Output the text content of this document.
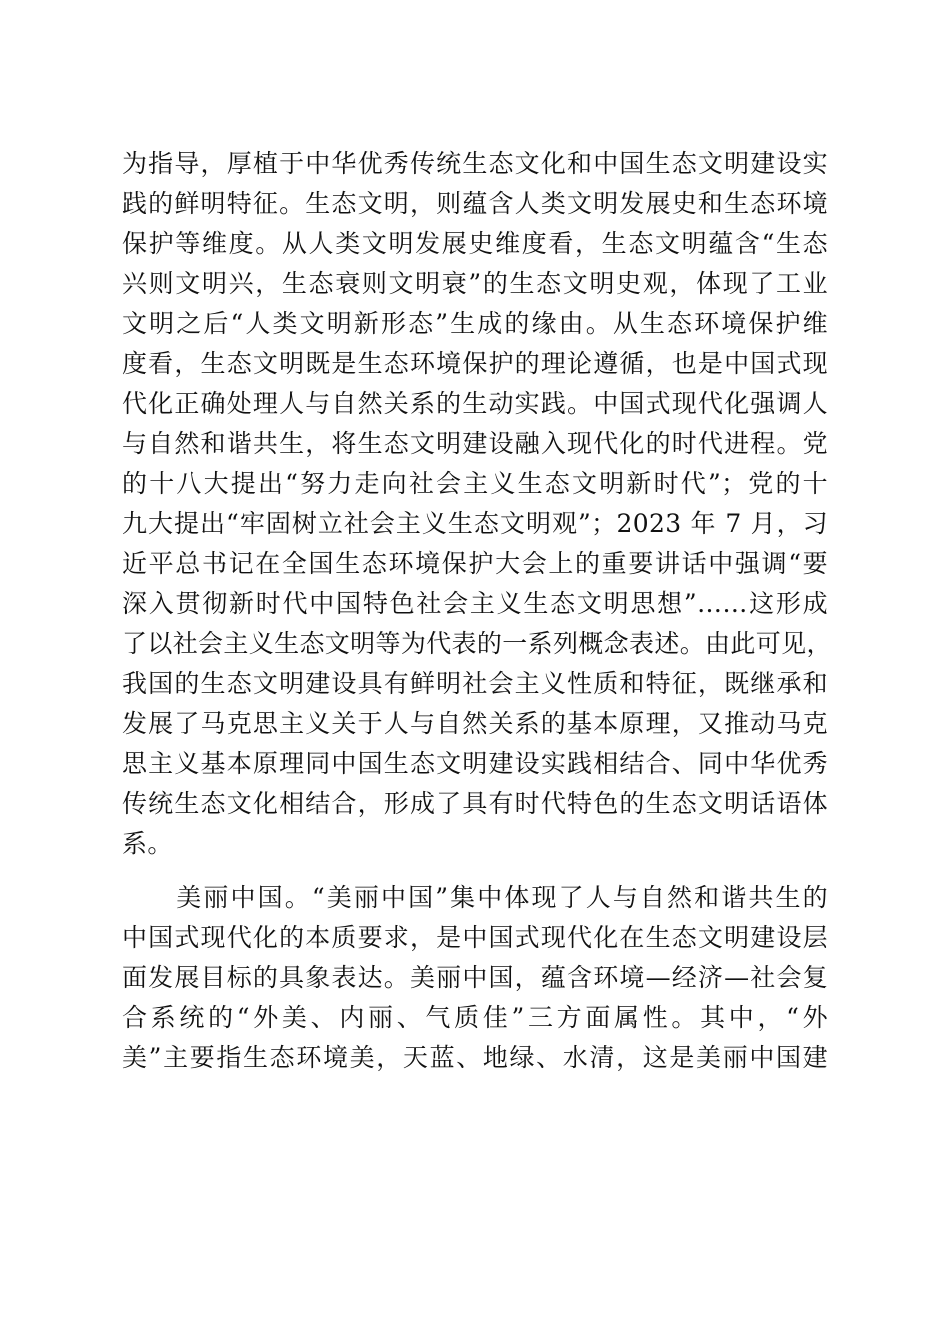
为指导，厚植于中华优秀传统生态文化和中国生态文明建设实
践的鲜明特征。生态文明，则蕴含人类文明发展史和生态环境
保护等维度。从人类文明发展史维度看，生态文明蕴含“生态
兴则文明兴，生态衰则文明衰”的生态文明史观，体现了工业
文明之后“人类文明新形态”生成的缘由。从生态环境保护维
度看，生态文明既是生态环境保护的理论遵循，也是中国式现
代化正确处理人与自然关系的生动实践。中国式现代化强调人
与自然和谐共生，将生态文明建设融入现代化的时代进程。党
的十八大提出“努力走向社会主义生态文明新时代”；党的十
九大提出“牢固树立社会主义生态文明观”；2023 年 7 月，习
近平总书记在全国生态环境保护大会上的重要讲话中强调“要
深入贯彻新时代中国特色社会主义生态文明思想”……这形成
了以社会主义生态文明等为代表的一系列概念表述。由此可见，
我国的生态文明建设具有鲜明社会主义性质和特征，既继承和
发展了马克思主义关于人与自然关系的基本原理，又推动马克
思主义基本原理同中国生态文明建设实践相结合、同中华优秀
传统生态文化相结合，形成了具有时代特色的生态文明话语体
系。
　　美丽中国。“美丽中国”集中体现了人与自然和谐共生的
中国式现代化的本质要求，是中国式现代化在生态文明建设层
面发展目标的具象表达。美丽中国，蕴含环境—经济—社会复
合系统的“外美、内丽、气质佳”三方面属性。其中，“外
美”主要指生态环境美，天蓝、地绿、水清，这是美丽中国建
